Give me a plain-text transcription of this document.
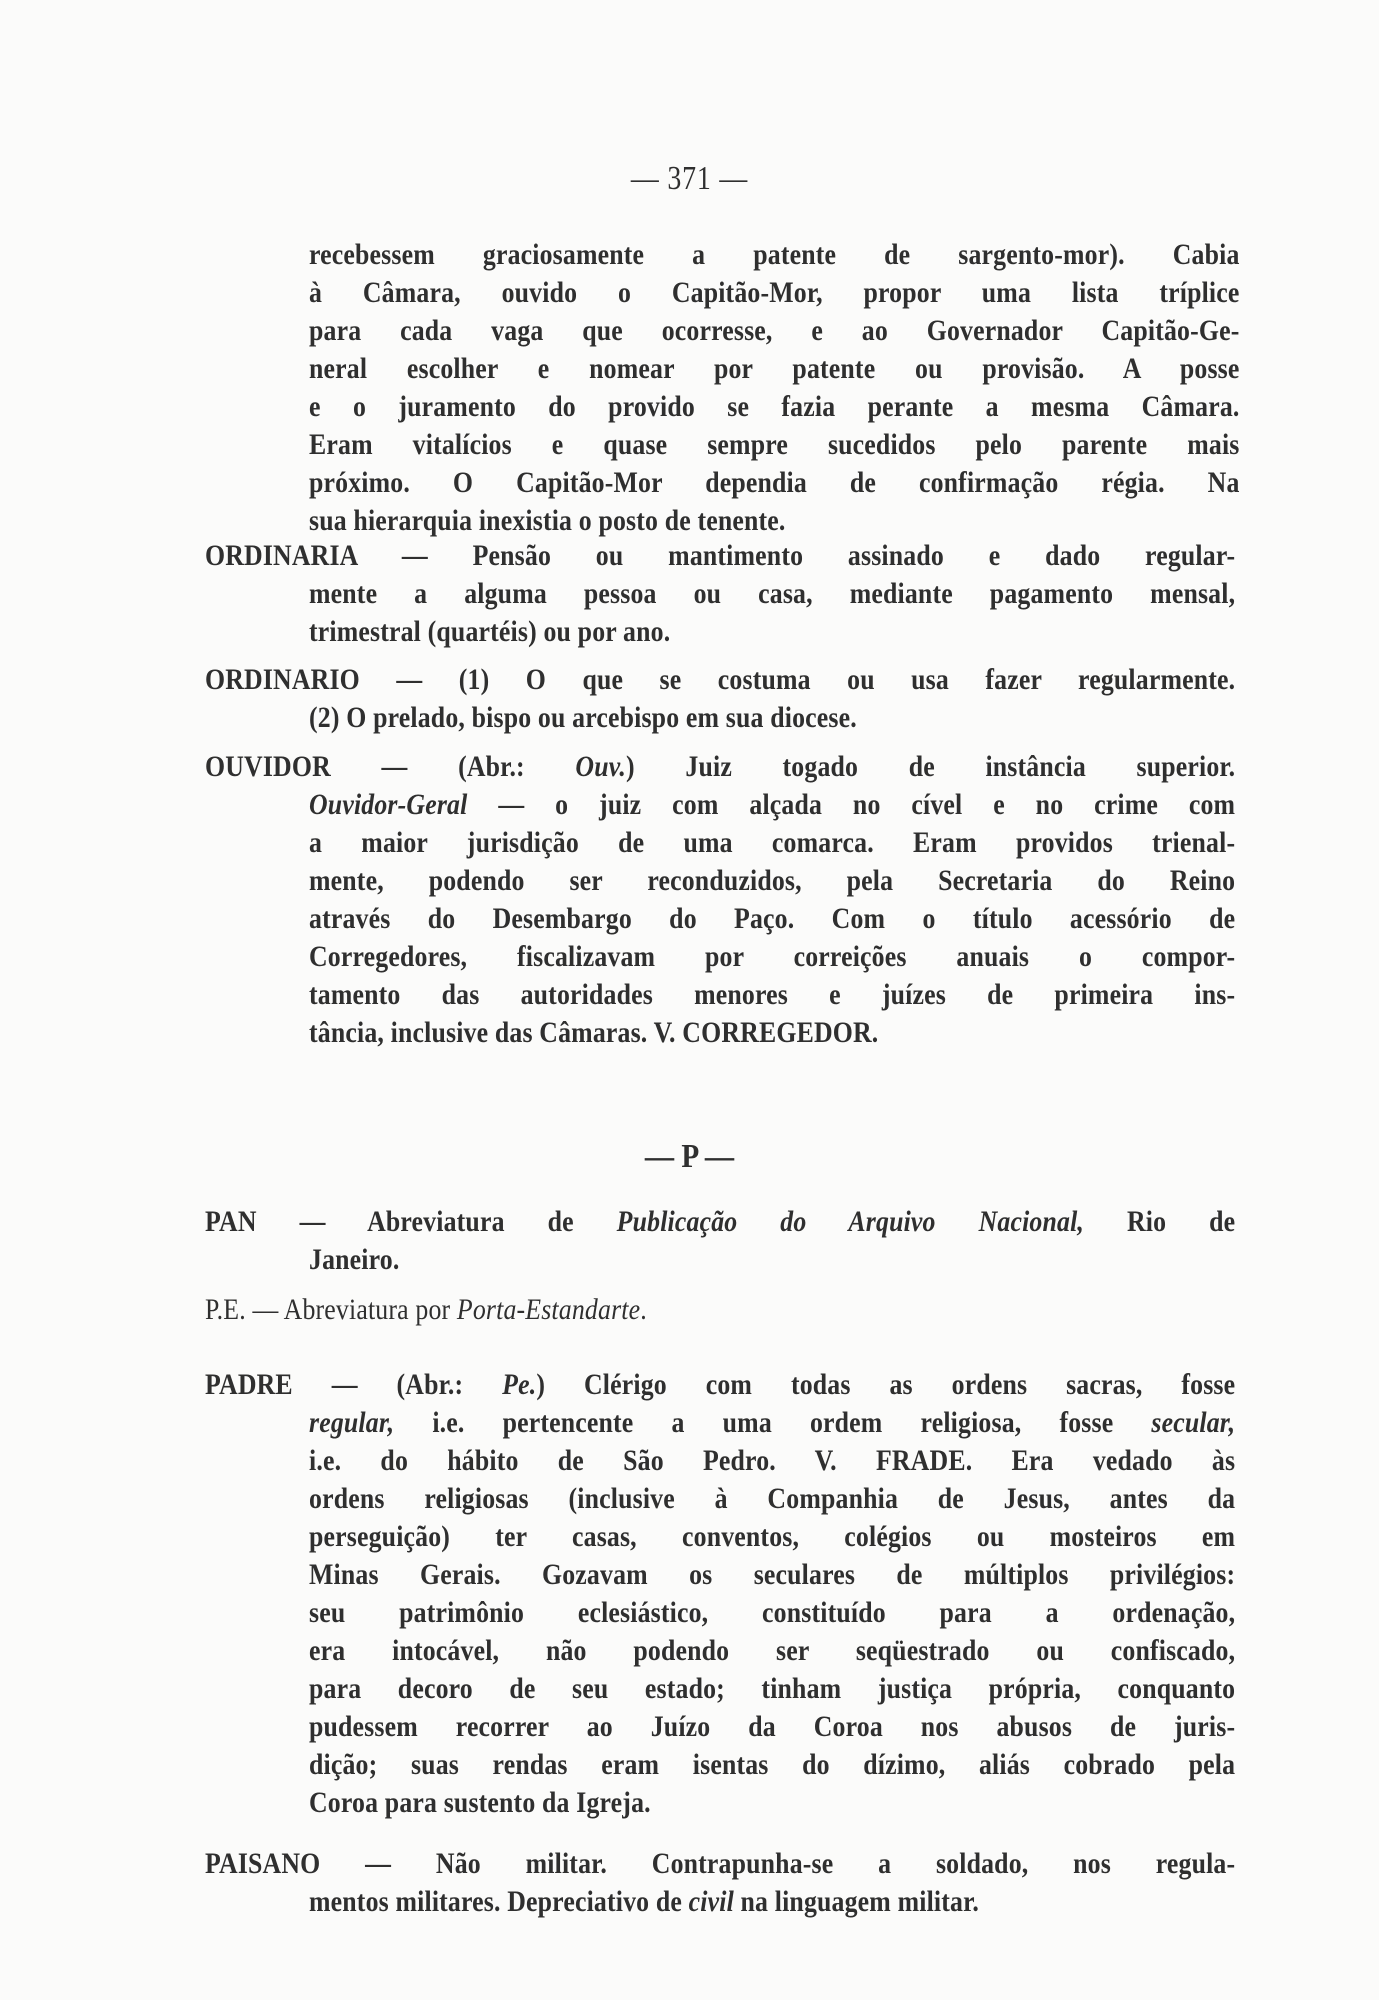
— 371 —
recebessem graciosamente a patente de sargento-mor). Cabia
à Câmara, ouvido o Capitão-Mor, propor uma lista tríplice
para cada vaga que ocorresse, e ao Governador Capitão-Ge-
neral escolher e nomear por patente ou provisão. A posse
e o juramento do provido se fazia perante a mesma Câmara.
Eram vitalícios e quase sempre sucedidos pelo parente mais
próximo. O Capitão-Mor dependia de confirmação régia. Na
sua hierarquia inexistia o posto de tenente.
ORDINARIA — Pensão ou mantimento assinado e dado regular-
mente a alguma pessoa ou casa, mediante pagamento mensal,
trimestral (quartéis) ou por ano.
ORDINARIO — (1) O que se costuma ou usa fazer regularmente.
(2) O prelado, bispo ou arcebispo em sua diocese.
OUVIDOR — (Abr.: Ouv.) Juiz togado de instância superior.
Ouvidor-Geral — o juiz com alçada no cível e no crime com
a maior jurisdição de uma comarca. Eram providos trienal-
mente, podendo ser reconduzidos, pela Secretaria do Reino
através do Desembargo do Paço. Com o título acessório de
Corregedores, fiscalizavam por correições anuais o compor-
tamento das autoridades menores e juízes de primeira ins-
tância, inclusive das Câmaras. V. CORREGEDOR.
— P —
PAN — Abreviatura de Publicação do Arquivo Nacional, Rio de
Janeiro.
P.E. — Abreviatura por Porta-Estandarte.
PADRE — (Abr.: Pe.) Clérigo com todas as ordens sacras, fosse
regular, i.e. pertencente a uma ordem religiosa, fosse secular,
i.e. do hábito de São Pedro. V. FRADE. Era vedado às
ordens religiosas (inclusive à Companhia de Jesus, antes da
perseguição) ter casas, conventos, colégios ou mosteiros em
Minas Gerais. Gozavam os seculares de múltiplos privilégios:
seu patrimônio eclesiástico, constituído para a ordenação,
era intocável, não podendo ser seqüestrado ou confiscado,
para decoro de seu estado; tinham justiça própria, conquanto
pudessem recorrer ao Juízo da Coroa nos abusos de juris-
dição; suas rendas eram isentas do dízimo, aliás cobrado pela
Coroa para sustento da Igreja.
PAISANO — Não militar. Contrapunha-se a soldado, nos regula-
mentos militares. Depreciativo de civil na linguagem militar.
